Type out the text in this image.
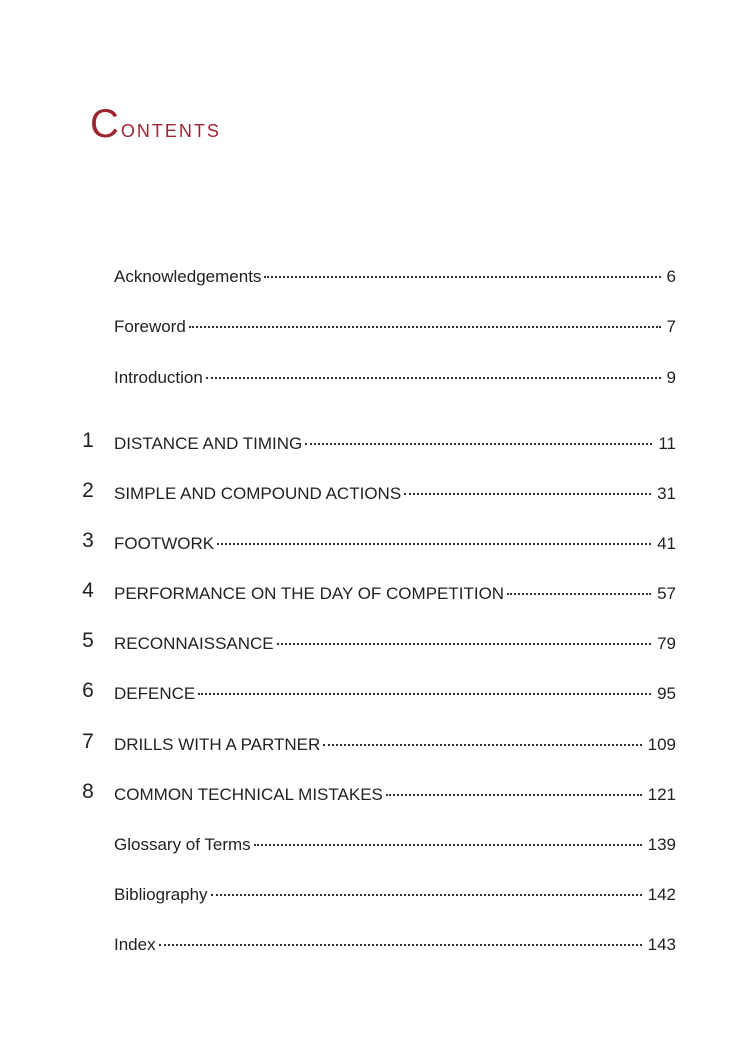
Contents
Acknowledgements	6
Foreword	7
Introduction	9
1	DISTANCE AND TIMING	11
2	SIMPLE AND COMPOUND ACTIONS	31
3	FOOTWORK	41
4	PERFORMANCE ON THE DAY OF COMPETITION	57
5	RECONNAISSANCE	79
6	DEFENCE	95
7	DRILLS WITH A PARTNER	109
8	COMMON TECHNICAL MISTAKES	121
Glossary of Terms	139
Bibliography	142
Index	143
